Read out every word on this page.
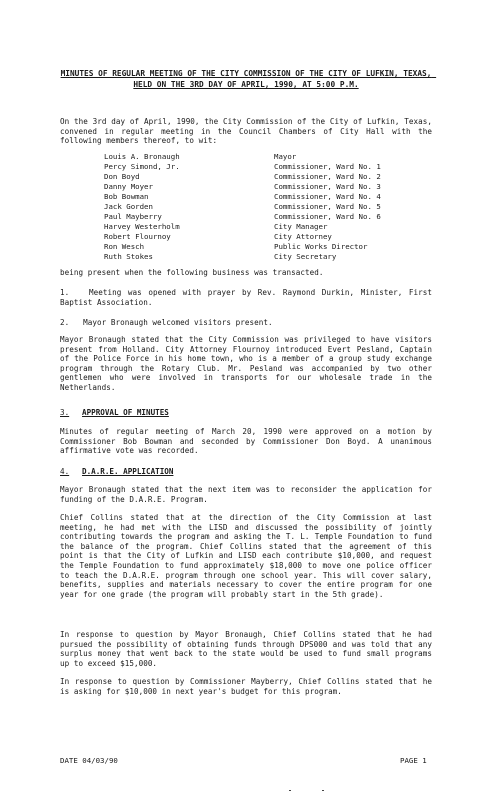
MINUTES OF REGULAR MEETING OF THE CITY COMMISSION OF THE CITY OF LUFKIN, TEXAS, HELD ON THE 3RD DAY OF APRIL, 1990, AT 5:00 P.M.
On the 3rd day of April, 1990, the City Commission of the City of Lufkin, Texas, convened in regular meeting in the Council Chambers of City Hall with the following members thereof, to wit:
Louis A. Bronaugh	Mayor
Percy Simond, Jr.	Commissioner, Ward No. 1
Don Boyd	Commissioner, Ward No. 2
Danny Moyer	Commissioner, Ward No. 3
Bob Bowman	Commissioner, Ward No. 4
Jack Gorden	Commissioner, Ward No. 5
Paul Mayberry	Commissioner, Ward No. 6
Harvey Westerholm	City Manager
Robert Flournoy	City Attorney
Ron Wesch	Public Works Director
Ruth Stokes	City Secretary
being present when the following business was transacted.
1.   Meeting was opened with prayer by Rev. Raymond Durkin, Minister, First Baptist Association.
2.   Mayor Bronaugh welcomed visitors present.
Mayor Bronaugh stated that the City Commission was privileged to have visitors present from Holland. City Attorney Flournoy introduced Evert Pesland, Captain of the Police Force in his home town, who is a member of a group study exchange program through the Rotary Club. Mr. Pesland was accompanied by two other gentlemen who were involved in transports for our wholesale trade in the Netherlands.
3. APPROVAL OF MINUTES
Minutes of regular meeting of March 20, 1990 were approved on a motion by Commissioner Bob Bowman and seconded by Commissioner Don Boyd. A unanimous affirmative vote was recorded.
4. D.A.R.E. APPLICATION
Mayor Bronaugh stated that the next item was to reconsider the application for funding of the D.A.R.E. Program.
Chief Collins stated that at the direction of the City Commission at last meeting, he had met with the LISD and discussed the possibility of jointly contributing towards the program and asking the T. L. Temple Foundation to fund the balance of the program. Chief Collins stated that the agreement of this point is that the City of Lufkin and LISD each contribute $10,000, and request the Temple Foundation to fund approximately $18,000 to move one police officer to teach the D.A.R.E. program through one school year. This will cover salary, benefits, supplies and materials necessary to cover the entire program for one year for one grade (the program will probably start in the 5th grade).
In response to question by Mayor Bronaugh, Chief Collins stated that he had pursued the possibility of obtaining funds through DPS000 and was told that any surplus money that went back to the state would be used to fund small programs up to exceed $15,000.
In response to question by Commissioner Mayberry, Chief Collins stated that he is asking for $10,000 in next year's budget for this program.
DATE 04/03/90	PAGE 1
